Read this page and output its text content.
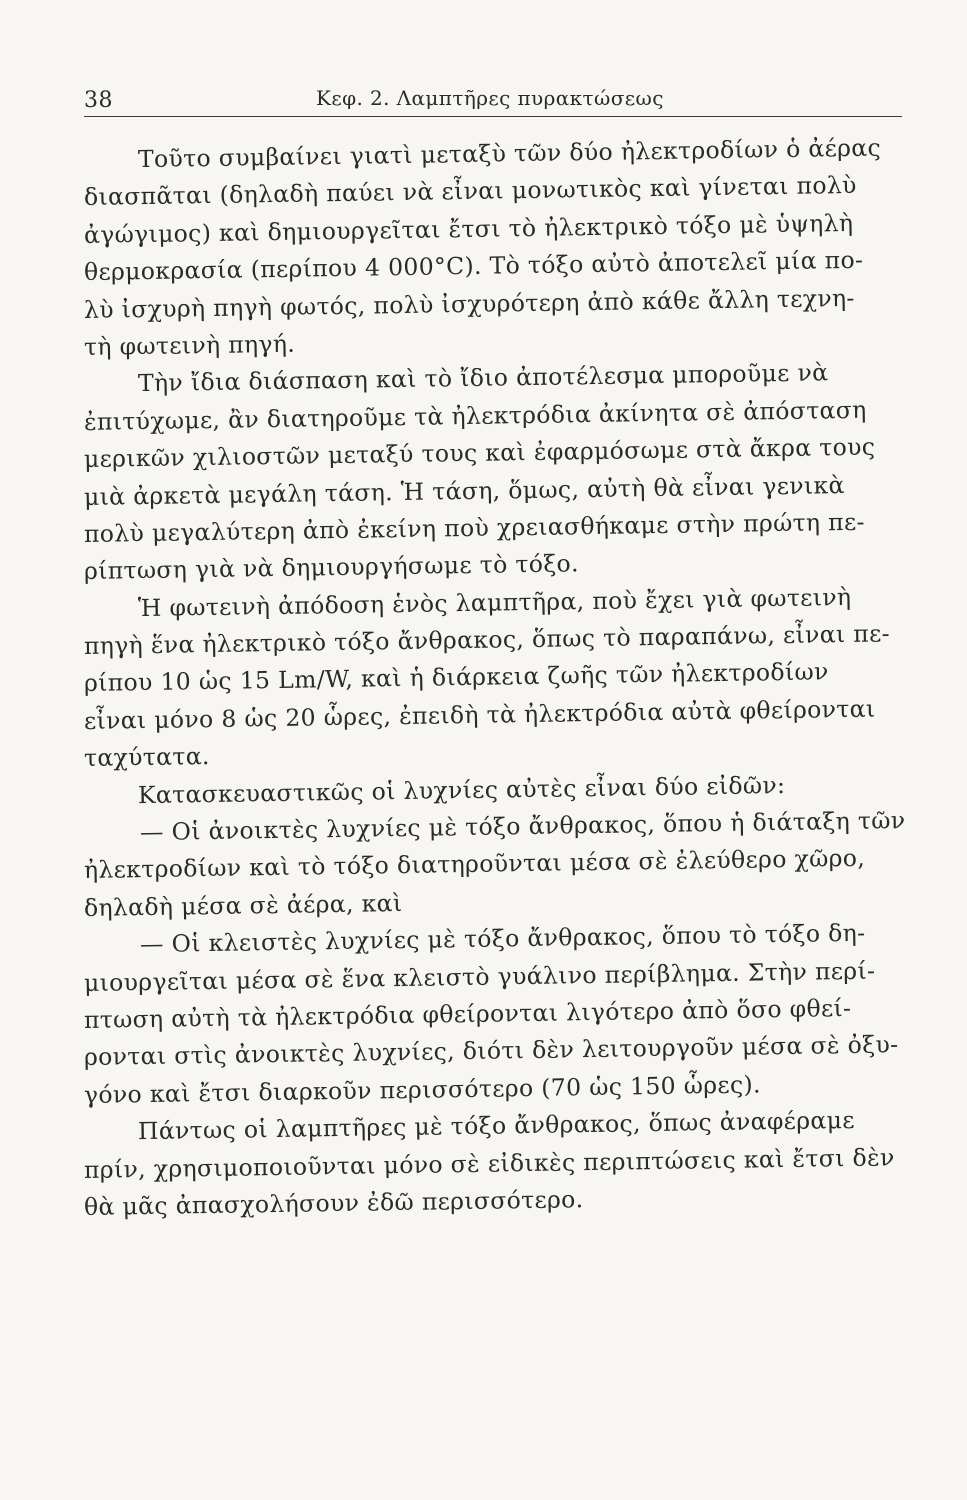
38	Κεφ. 2. Λαμπτῆρες πυρακτώσεως
Τοῦτο συμβαίνει γιατὶ μεταξὺ τῶν δύο ἠλεκτροδίων ὁ ἀέρας
διασπᾶται (δηλαδὴ παύει νὰ εἶναι μονωτικὸς καὶ γίνεται πολὺ
ἀγώγιμος) καὶ δημιουργεῖται ἔτσι τὸ ἠλεκτρικὸ τόξο μὲ ὑψηλὴ
θερμοκρασία (περίπου 4 000°C). Τὸ τόξο αὐτὸ ἀποτελεῖ μία πο-
λὺ ἰσχυρὴ πηγὴ φωτός, πολὺ ἰσχυρότερη ἀπὸ κάθε ἄλλη τεχνη-
τὴ φωτεινὴ πηγή.
Τὴν ἴδια διάσπαση καὶ τὸ ἴδιο ἀποτέλεσμα μποροῦμε νὰ
ἐπιτύχωμε, ἂν διατηροῦμε τὰ ἠλεκτρόδια ἀκίνητα σὲ ἀπόσταση
μερικῶν χιλιοστῶν μεταξύ τους καὶ ἐφαρμόσωμε στὰ ἄκρα τους
μιὰ ἀρκετὰ μεγάλη τάση. Ἡ τάση, ὅμως, αὐτὴ θὰ εἶναι γενικὰ
πολὺ μεγαλύτερη ἀπὸ ἐκείνη ποὺ χρειασθήκαμε στὴν πρώτη πε-
ρίπτωση γιὰ νὰ δημιουργήσωμε τὸ τόξο.
Ἡ φωτεινὴ ἀπόδοση ἑνὸς λαμπτῆρα, ποὺ ἔχει γιὰ φωτεινὴ
πηγὴ ἕνα ἠλεκτρικὸ τόξο ἄνθρακος, ὅπως τὸ παραπάνω, εἶναι πε-
ρίπου 10 ὡς 15 Lm/W, καὶ ἡ διάρκεια ζωῆς τῶν ἠλεκτροδίων
εἶναι μόνο 8 ὡς 20 ὧρες, ἐπειδὴ τὰ ἠλεκτρόδια αὐτὰ φθείρονται
ταχύτατα.
Κατασκευαστικῶς οἱ λυχνίες αὐτὲς εἶναι δύο εἰδῶν:
— Οἱ ἀνοικτὲς λυχνίες μὲ τόξο ἄνθρακος, ὅπου ἡ διάταξη τῶν
ἠλεκτροδίων καὶ τὸ τόξο διατηροῦνται μέσα σὲ ἐλεύθερο χῶρο,
δηλαδὴ μέσα σὲ ἀέρα, καὶ
— Οἱ κλειστὲς λυχνίες μὲ τόξο ἄνθρακος, ὅπου τὸ τόξο δη-
μιουργεῖται μέσα σὲ ἕνα κλειστὸ γυάλινο περίβλημα. Στὴν περί-
πτωση αὐτὴ τὰ ἠλεκτρόδια φθείρονται λιγότερο ἀπὸ ὅσο φθεί-
ρονται στὶς ἀνοικτὲς λυχνίες, διότι δὲν λειτουργοῦν μέσα σὲ ὀξυ-
γόνο καὶ ἔτσι διαρκοῦν περισσότερο (70 ὡς 150 ὧρες).
Πάντως οἱ λαμπτῆρες μὲ τόξο ἄνθρακος, ὅπως ἀναφέραμε
πρίν, χρησιμοποιοῦνται μόνο σὲ εἰδικὲς περιπτώσεις καὶ ἔτσι δὲν
θὰ μᾶς ἀπασχολήσουν ἐδῶ περισσότερο.
